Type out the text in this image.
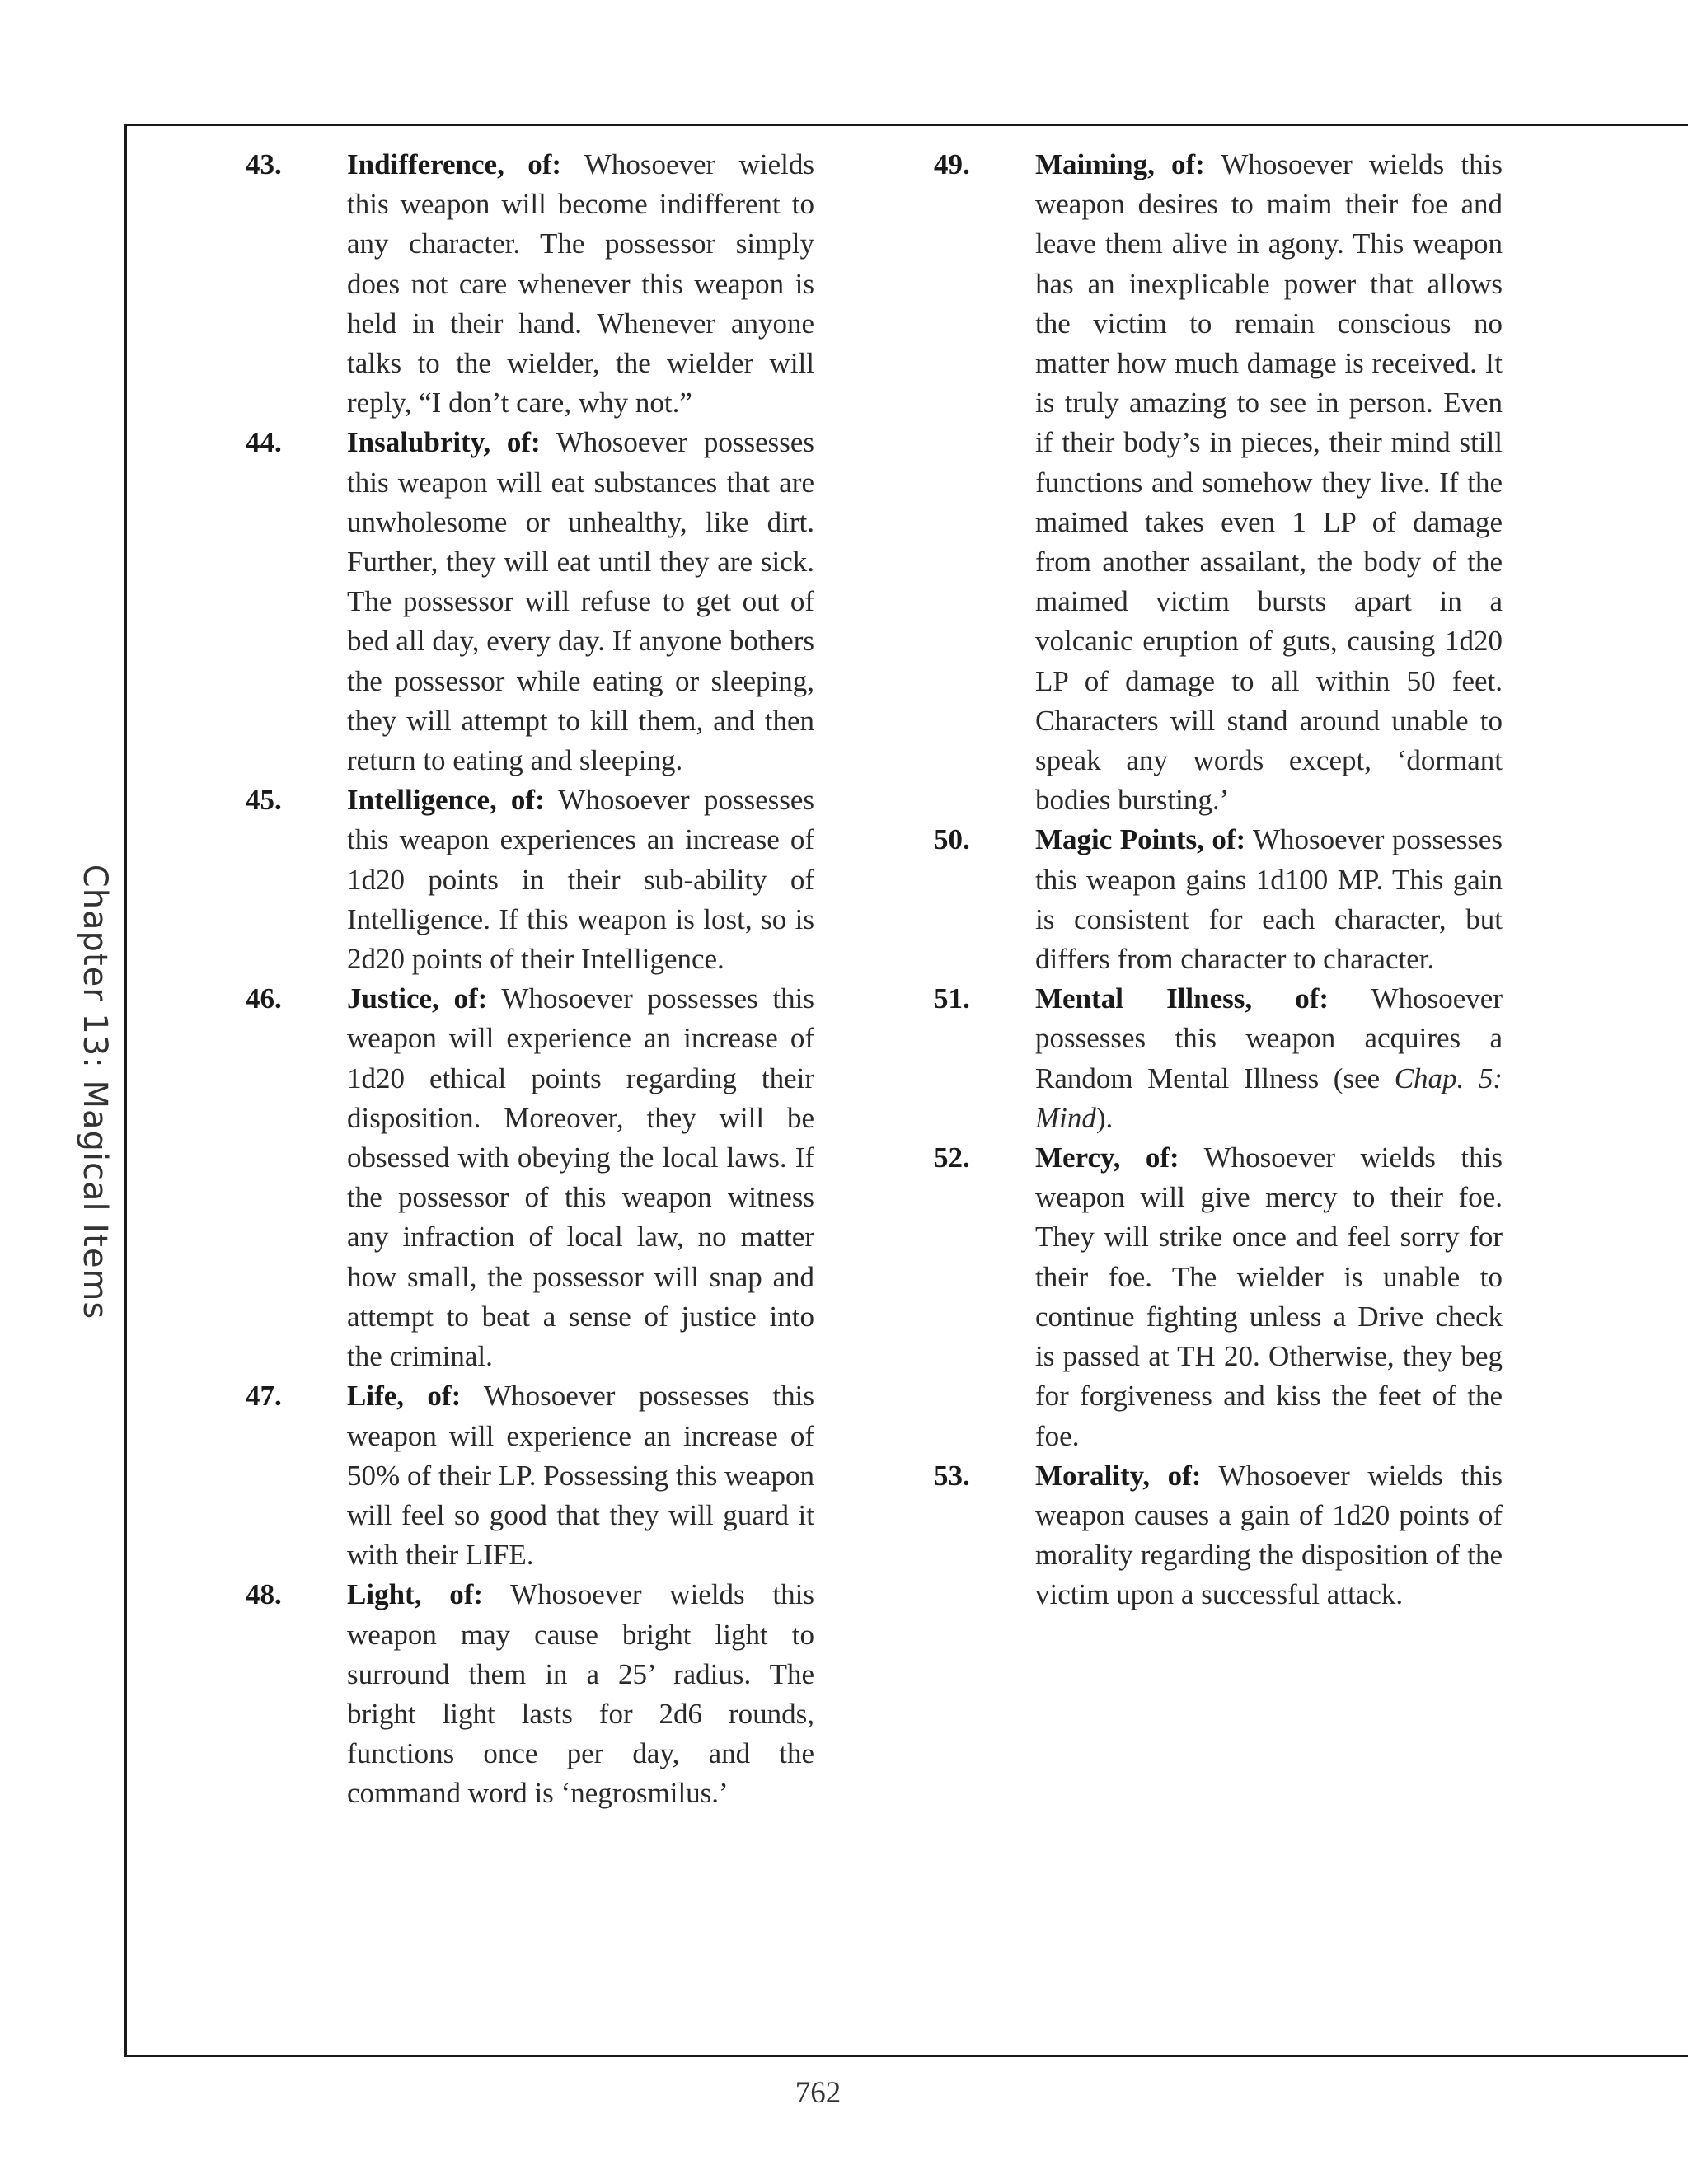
Chapter 13: Magical Items
43.	Indifference, of: Whosoever wields this weapon will become indifferent to any character. The possessor simply does not care whenever this weapon is held in their hand. Whenever anyone talks to the wielder, the wielder will reply, “I don’t care, why not.”
44.	Insalubrity, of: Whosoever possesses this weapon will eat substances that are unwholesome or unhealthy, like dirt. Further, they will eat until they are sick. The possessor will refuse to get out of bed all day, every day. If anyone bothers the possessor while eating or sleeping, they will attempt to kill them, and then return to eating and sleeping.
45.	Intelligence, of: Whosoever possesses this weapon experiences an increase of 1d20 points in their sub-ability of Intelligence. If this weapon is lost, so is 2d20 points of their Intelligence.
46.	Justice, of: Whosoever possesses this weapon will experience an increase of 1d20 ethical points regarding their disposition. Moreover, they will be obsessed with obeying the local laws. If the possessor of this weapon witness any infraction of local law, no matter how small, the possessor will snap and attempt to beat a sense of justice into the criminal.
47.	Life, of: Whosoever possesses this weapon will experience an increase of 50% of their LP. Possessing this weapon will feel so good that they will guard it with their LIFE.
48.	Light, of: Whosoever wields this weapon may cause bright light to surround them in a 25’ radius. The bright light lasts for 2d6 rounds, functions once per day, and the command word is ‘negrosmilus.’
49.	Maiming, of: Whosoever wields this weapon desires to maim their foe and leave them alive in agony. This weapon has an inexplicable power that allows the victim to remain conscious no matter how much damage is received. It is truly amazing to see in person. Even if their body’s in pieces, their mind still functions and somehow they live. If the maimed takes even 1 LP of damage from another assailant, the body of the maimed victim bursts apart in a volcanic eruption of guts, causing 1d20 LP of damage to all within 50 feet. Characters will stand around unable to speak any words except, ‘dormant bodies bursting.’
50.	Magic Points, of: Whosoever possesses this weapon gains 1d100 MP. This gain is consistent for each character, but differs from character to character.
51.	Mental Illness, of: Whosoever possesses this weapon acquires a Random Mental Illness (see Chap. 5: Mind).
52.	Mercy, of: Whosoever wields this weapon will give mercy to their foe. They will strike once and feel sorry for their foe. The wielder is unable to continue fighting unless a Drive check is passed at TH 20. Otherwise, they beg for forgiveness and kiss the feet of the foe.
53.	Morality, of: Whosoever wields this weapon causes a gain of 1d20 points of morality regarding the disposition of the victim upon a successful attack.
762
